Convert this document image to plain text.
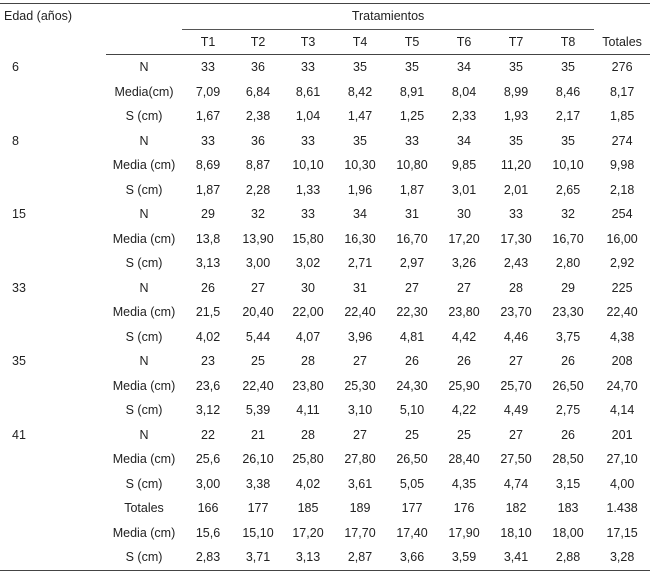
Edad (años)		Tratamientos								
		T1	T2	T3	T4	T5	T6	T7	T8	Totales
6	N	33	36	33	35	35	34	35	35	276
	Media(cm)	7,09	6,84	8,61	8,42	8,91	8,04	8,99	8,46	8,17
	S (cm)	1,67	2,38	1,04	1,47	1,25	2,33	1,93	2,17	1,85
8	N	33	36	33	35	33	34	35	35	274
	Media (cm)	8,69	8,87	10,10	10,30	10,80	9,85	11,20	10,10	9,98
	S (cm)	1,87	2,28	1,33	1,96	1,87	3,01	2,01	2,65	2,18
15	N	29	32	33	34	31	30	33	32	254
	Media (cm)	13,8	13,90	15,80	16,30	16,70	17,20	17,30	16,70	16,00
	S (cm)	3,13	3,00	3,02	2,71	2,97	3,26	2,43	2,80	2,92
33	N	26	27	30	31	27	27	28	29	225
	Media (cm)	21,5	20,40	22,00	22,40	22,30	23,80	23,70	23,30	22,40
	S (cm)	4,02	5,44	4,07	3,96	4,81	4,42	4,46	3,75	4,38
35	N	23	25	28	27	26	26	27	26	208
	Media (cm)	23,6	22,40	23,80	25,30	24,30	25,90	25,70	26,50	24,70
	S (cm)	3,12	5,39	4,11	3,10	5,10	4,22	4,49	2,75	4,14
41	N	22	21	28	27	25	25	27	26	201
	Media (cm)	25,6	26,10	25,80	27,80	26,50	28,40	27,50	28,50	27,10
	S (cm)	3,00	3,38	4,02	3,61	5,05	4,35	4,74	3,15	4,00
	Totales	166	177	185	189	177	176	182	183	1.438
	Media (cm)	15,6	15,10	17,20	17,70	17,40	17,90	18,10	18,00	17,15
	S (cm)	2,83	3,71	3,13	2,87	3,66	3,59	3,41	2,88	3,28
